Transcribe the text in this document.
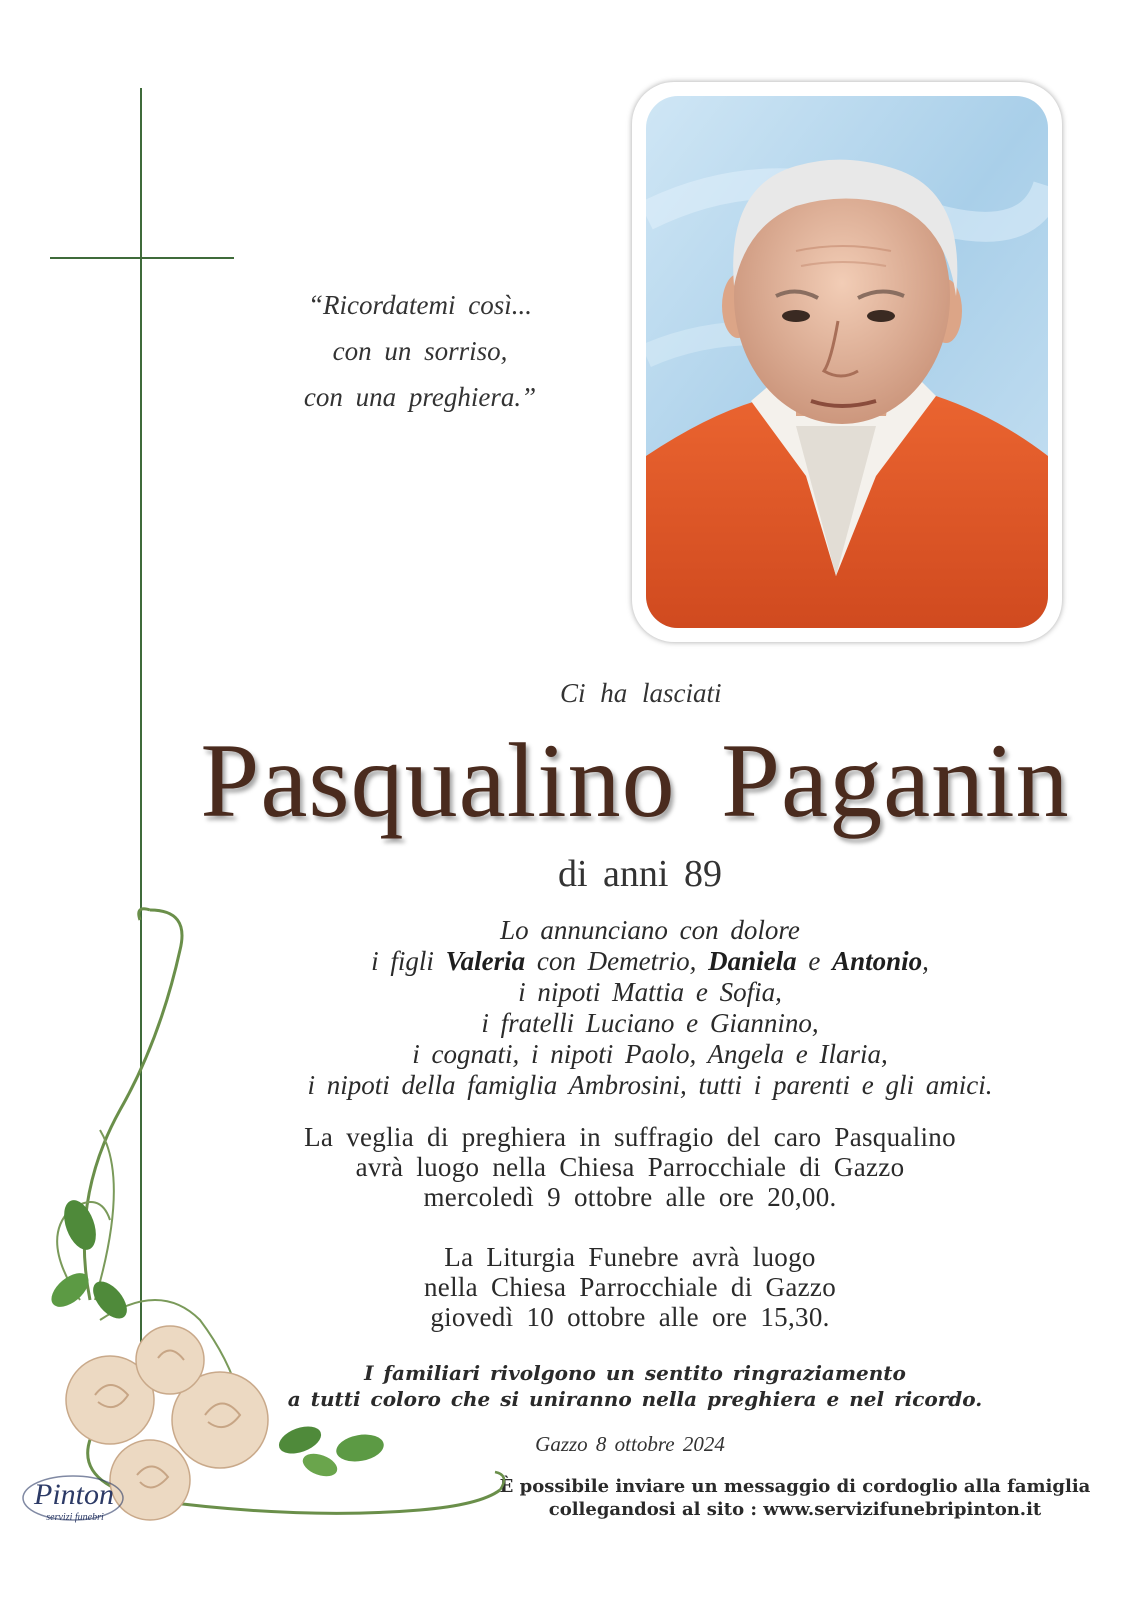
“Ricordatemi così...
con un sorriso,
con una preghiera.”
Ci ha lasciati
Pasqualino Paganin
di anni 89
Lo annunciano con dolore
i figli Valeria con Demetrio, Daniela e Antonio,
i nipoti Mattia e Sofia,
i fratelli Luciano e Giannino,
i cognati, i nipoti Paolo, Angela e Ilaria,
i nipoti della famiglia Ambrosini, tutti i parenti e gli amici.
La veglia di preghiera in suffragio del caro Pasqualino
avrà luogo nella Chiesa Parrocchiale di Gazzo
mercoledì 9 ottobre alle ore 20,00.
La Liturgia Funebre avrà luogo
nella Chiesa Parrocchiale di Gazzo
giovedì 10 ottobre alle ore 15,30.
I familiari rivolgono un sentito ringraziamento
a tutti coloro che si uniranno nella preghiera e nel ricordo.
Gazzo 8 ottobre 2024
È possibile inviare un messaggio di cordoglio alla famiglia
collegandosi al sito : www.servizifunebripinton.it
Pinton
servizi funebri
